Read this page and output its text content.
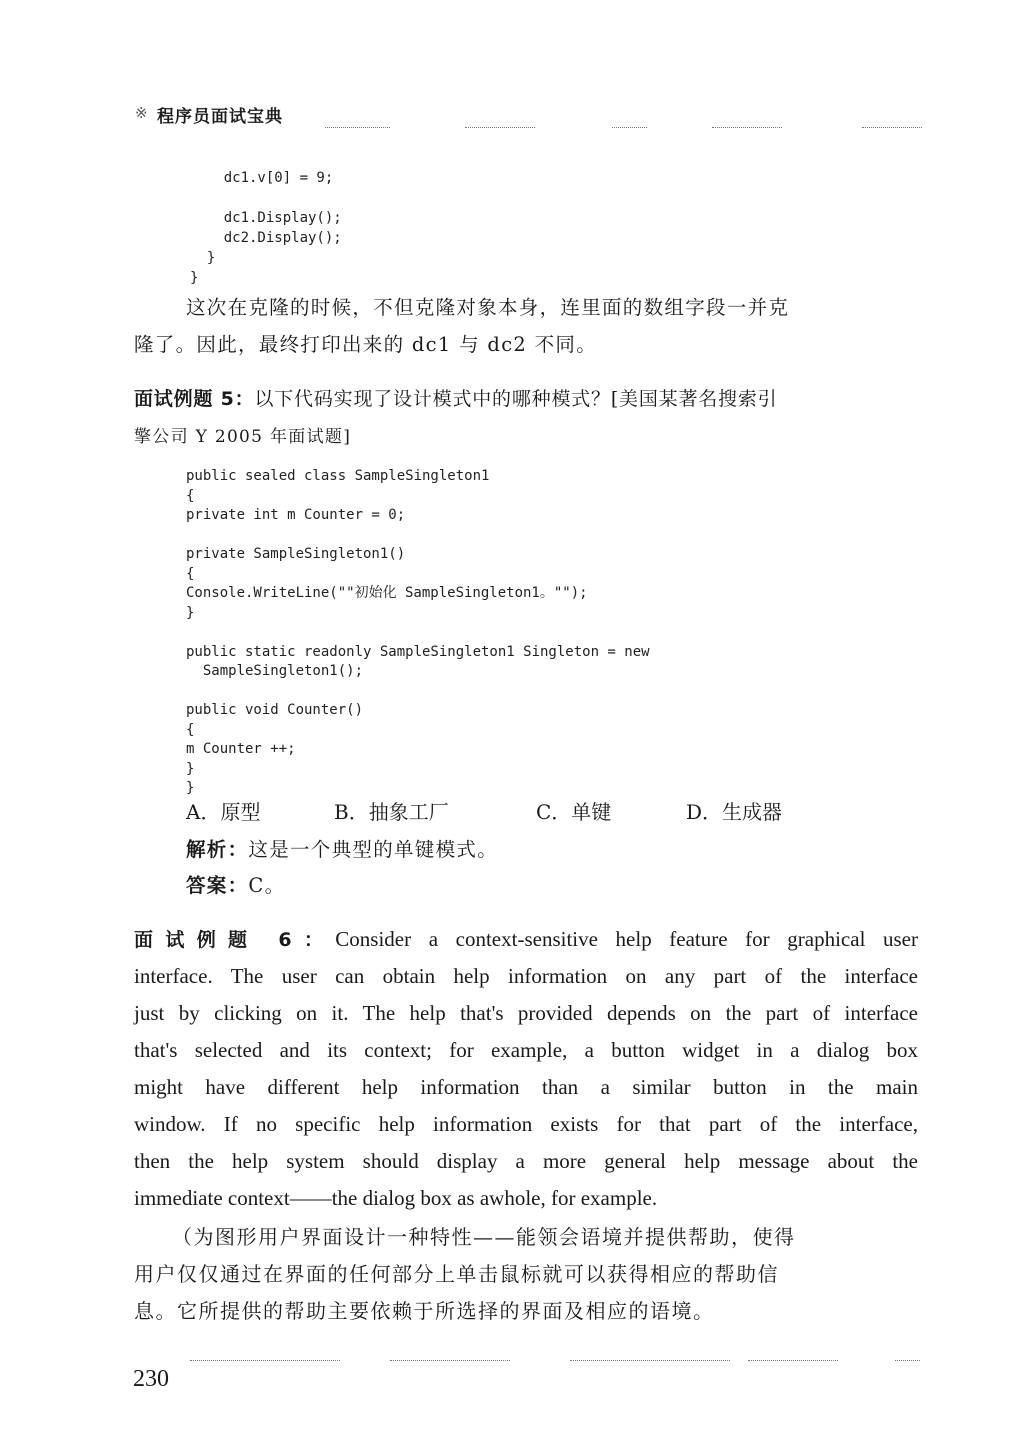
※ 程序员面试宝典
dc1.v[0] = 9;

dc1.Display();
dc2.Display();
}
}
这次在克隆的时候，不但克隆对象本身，连里面的数组字段一并克
隆了。因此，最终打印出来的 dc1 与 dc2 不同。
面试例题 5：以下代码实现了设计模式中的哪种模式？[美国某著名搜索引
擎公司 Y 2005 年面试题]
public sealed class SampleSingleton1
{
private int m Counter = 0;

private SampleSingleton1()
{
Console.WriteLine(""初始化 SampleSingleton1。"");
}

public static readonly SampleSingleton1 Singleton = new
SampleSingleton1();

public void Counter()
{
m Counter ++;
}
}
A．原型	B．抽象工厂	C．单键	D．生成器
解析：这是一个典型的单键模式。
答案：C。
面试例题 6：Consider a context-sensitive help feature for graphical user
interface. The user can obtain help information on any part of the interface
just by clicking on it. The help that's provided depends on the part of interface
that's selected and its context; for example, a button widget in a dialog box
might have different help information than a similar button in the main
window. If no specific help information exists for that part of the interface,
then the help system should display a more general help message about the
immediate context——the dialog box as awhole, for example.
（为图形用户界面设计一种特性——能领会语境并提供帮助，使得
用户仅仅通过在界面的任何部分上单击鼠标就可以获得相应的帮助信
息。它所提供的帮助主要依赖于所选择的界面及相应的语境。
230
